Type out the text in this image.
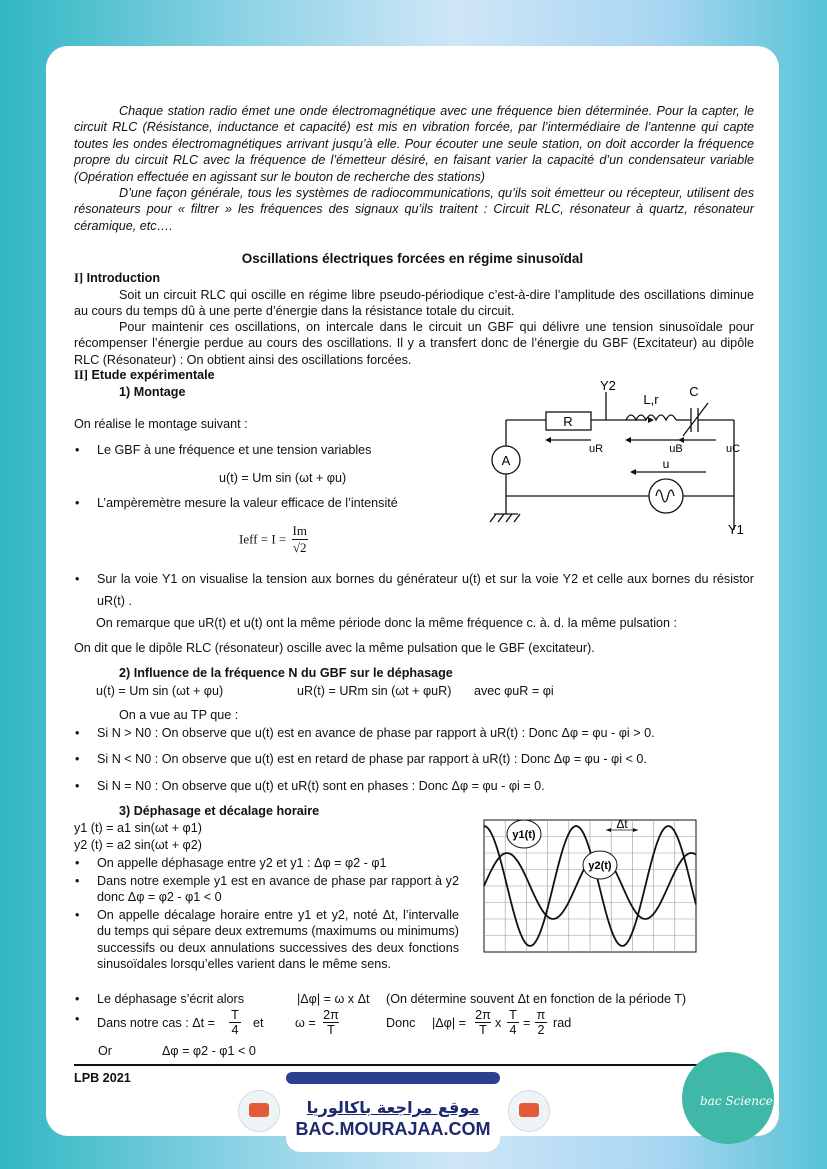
Chaque station radio émet une onde électromagnétique avec une fréquence bien déterminée. Pour la capter, le circuit RLC (Résistance, inductance et capacité) est mis en vibration forcée, par l’intermédiaire de l’antenne qui capte toutes les ondes électromagnétiques arrivant jusqu’à elle. Pour écouter une seule station, on doit accorder la fréquence propre du circuit RLC avec la fréquence de l’émetteur désiré, en faisant varier la capacité d’un condensateur variable (Opération effectuée en agissant sur le bouton de recherche des stations)
D’une façon générale, tous les systèmes de radiocommunications, qu’ils soit émetteur ou récepteur, utilisent des résonateurs pour « filtrer » les fréquences des signaux qu’ils traitent : Circuit RLC, résonateur à quartz, résonateur céramique, etc….
Oscillations électriques forcées en régime sinusoïdal
I] Introduction
Soit un circuit RLC qui oscille en régime libre pseudo-périodique c’est-à-dire l’amplitude des oscillations diminue au cours du temps dû à une perte d’énergie dans la résistance totale du circuit.
Pour maintenir ces oscillations, on intercale dans le circuit un GBF qui délivre une tension sinusoïdale pour récompenser l’énergie perdue au cours des oscillations. Il y a transfert donc de l’énergie du GBF (Excitateur) au dipôle RLC (Résonateur) : On obtient ainsi des oscillations forcées.
II] Etude expérimentale
1) Montage
On réalise le montage suivant :
• Le GBF à une fréquence et une tension variables
u(t) = Um sin (ωt + φu)
• L’ampèremètre mesure la valeur efficace de l’intensité
Ieff = $I = \frac{Im}{√2}$
• Sur la voie Y1 on visualise la tension aux bornes du générateur u(t) et sur la voie Y2 et celle aux bornes du résistor uR(t) .
On remarque que uR(t) et u(t) ont la même période donc la même fréquence c. à. d. la même pulsation :
On dit que le dipôle RLC (résonateur) oscille avec la même pulsation que le GBF (excitateur).
A
R
Y2
L,r
C
uB
uR	uC
u
Y1
2) Influence de la fréquence N du GBF sur le déphasage
u(t) = Um sin (ωt + φu)	uR(t) = URm sin (ωt + φuR) avec φuR = φi
On a vue au TP que :
• Si N > N0 : On observe que u(t) est en avance de phase par rapport à uR(t) : Donc Δφ = φu - φi > 0.
• Si N < N0 : On observe que u(t) est en retard de phase par rapport à uR(t) : Donc Δφ = φu - φi < 0.
• Si N = N0 : On observe que u(t) et uR(t) sont en phases : Donc Δφ = φu - φi = 0.
3) Déphasage et décalage horaire
y1 (t) = a1 sin(ωt + φ1)
y2 (t) = a2 sin(ωt + φ2)
• On appelle déphasage entre y2 et y1 : Δφ = φ2 - φ1
• Dans notre exemple y1 est en avance de phase par rapport à y2 donc Δφ = φ2 - φ1 < 0
• On appelle décalage horaire entre y1 et y2, noté Δt, l’intervalle du temps qui sépare deux extremums (maximums ou minimums) successifs ou deux annulations successives des deux fonctions sinusoïdales lorsqu’elles varient dans le même sens.
• Le déphasage s’écrit alors	|Δφ| = ω x Δt (On détermine souvent Δt en fonction de la période T)
• Dans notre cas : $\Delta t = \frac{T}{4}$ et $\omega = \frac{2\pi}{T}$	Donc $|\Delta\varphi| = \frac{2\pi}{T}$ x $\frac{T}{4} = \frac{\pi}{2}$ rad
Or	Δφ = φ2 - φ1 < 0
Δt
y1(t)
y2(t)
LPB 2021
موقع مراجعة باكالوريا
BAC.MOURAJAA.COM
bac Science
